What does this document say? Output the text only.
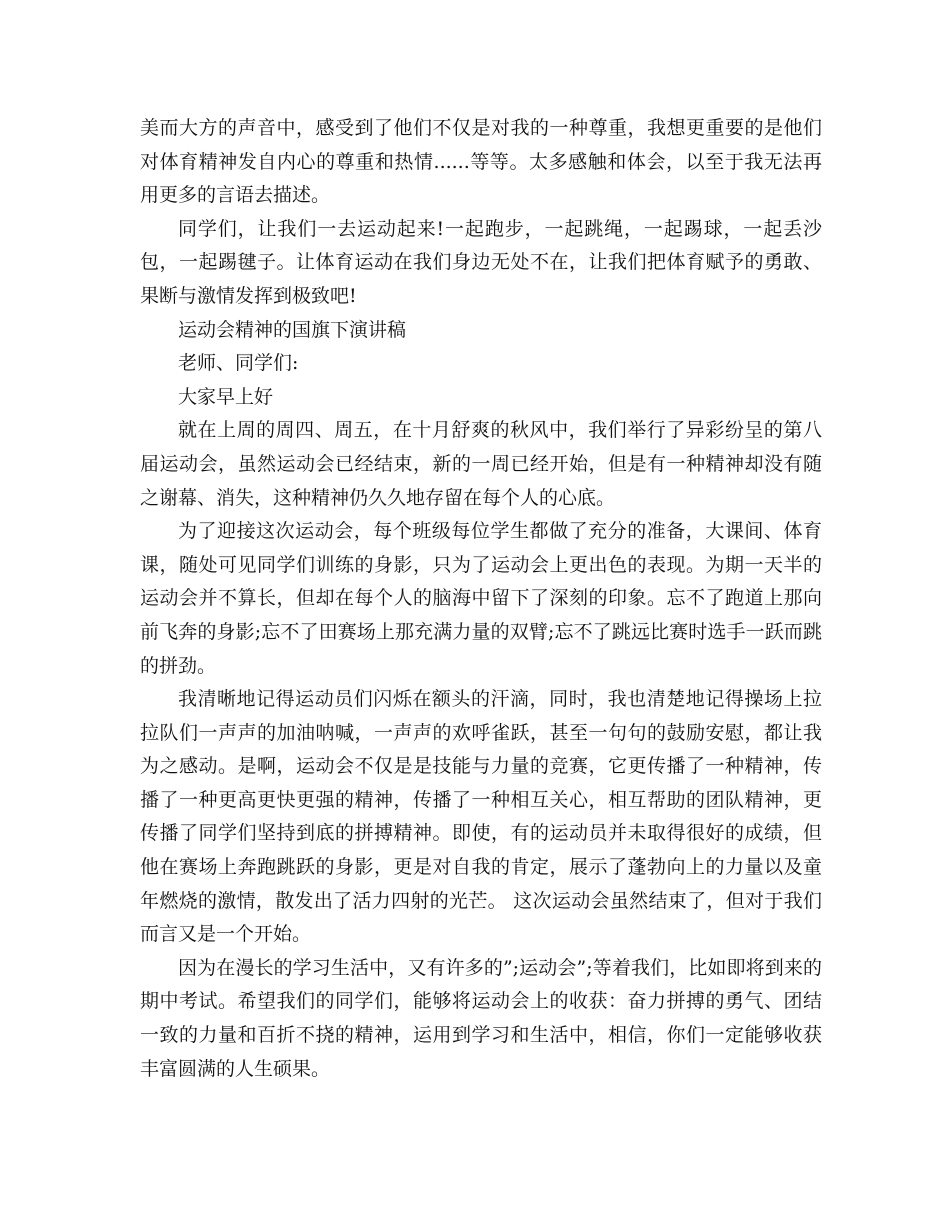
美而大方的声音中，感受到了他们不仅是对我的一种尊重，我想更重要的是他们对体育精神发自内心的尊重和热情......等等。太多感触和体会，以至于我无法再用更多的言语去描述。

同学们，让我们一去运动起来!一起跑步，一起跳绳，一起踢球，一起丢沙包，一起踢毽子。让体育运动在我们身边无处不在，让我们把体育赋予的勇敢、果断与激情发挥到极致吧!

运动会精神的国旗下演讲稿

老师、同学们:

大家早上好

就在上周的周四、周五，在十月舒爽的秋风中，我们举行了异彩纷呈的第八届运动会，虽然运动会已经结束，新的一周已经开始，但是有一种精神却没有随之谢幕、消失，这种精神仍久久地存留在每个人的心底。

为了迎接这次运动会，每个班级每位学生都做了充分的准备，大课间、体育课，随处可见同学们训练的身影，只为了运动会上更出色的表现。为期一天半的运动会并不算长，但却在每个人的脑海中留下了深刻的印象。忘不了跑道上那向前飞奔的身影;忘不了田赛场上那充满力量的双臂;忘不了跳远比赛时选手一跃而跳的拼劲。

我清晰地记得运动员们闪烁在额头的汗滴，同时，我也清楚地记得操场上拉拉队们一声声的加油呐喊，一声声的欢呼雀跃，甚至一句句的鼓励安慰，都让我为之感动。是啊，运动会不仅是是技能与力量的竞赛，它更传播了一种精神，传播了一种更高更快更强的精神，传播了一种相互关心，相互帮助的团队精神，更传播了同学们坚持到底的拼搏精神。即使，有的运动员并未取得很好的成绩，但他在赛场上奔跑跳跃的身影，更是对自我的肯定，展示了蓬勃向上的力量以及童年燃烧的激情，散发出了活力四射的光芒。 这次运动会虽然结束了，但对于我们而言又是一个开始。

因为在漫长的学习生活中，又有许多的”;运动会”;等着我们，比如即将到来的期中考试。希望我们的同学们，能够将运动会上的收获：奋力拼搏的勇气、团结一致的力量和百折不挠的精神，运用到学习和生活中，相信，你们一定能够收获丰富圆满的人生硕果。
